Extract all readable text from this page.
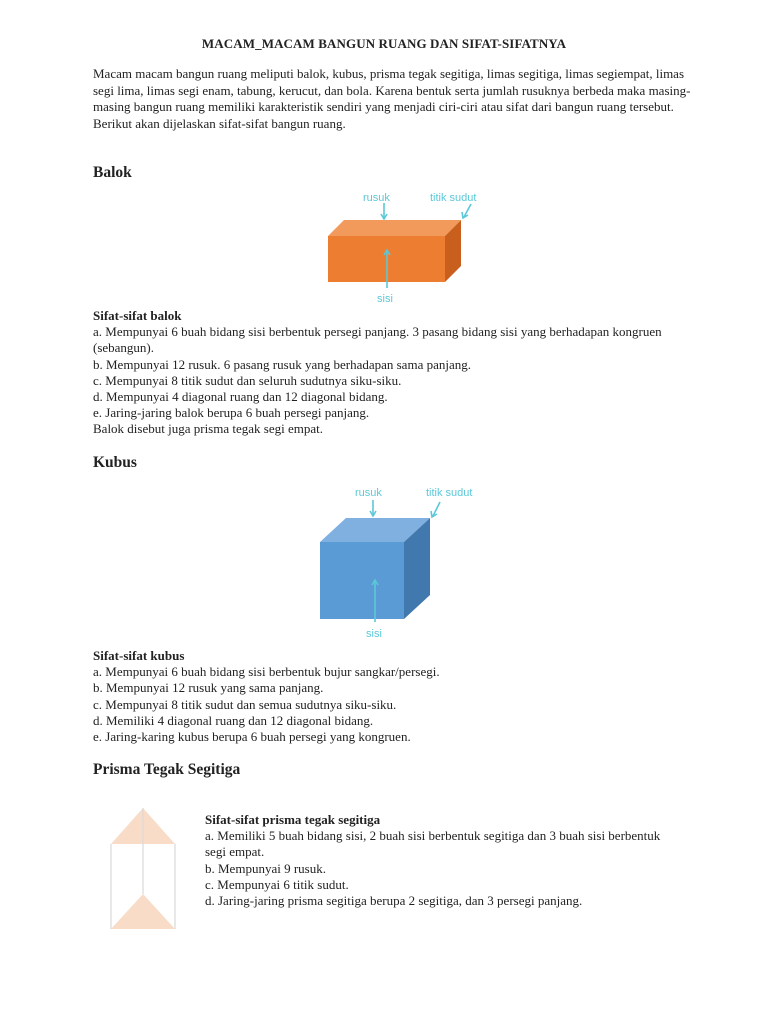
MACAM_MACAM BANGUN RUANG DAN SIFAT-SIFATNYA

Macam macam bangun ruang meliputi balok, kubus, prisma tegak segitiga, limas segitiga, limas segiempat, limas segi lima, limas segi enam, tabung, kerucut, dan bola. Karena bentuk serta jumlah rusuknya berbeda maka masing-masing bangun ruang memiliki karakteristik sendiri yang menjadi ciri-ciri atau sifat dari bangun ruang tersebut. Berikut akan dijelaskan sifat-sifat bangun ruang.

Balok
rusuk	titik sudut
sisi
Sifat-sifat balok
a. Mempunyai 6 buah bidang sisi berbentuk persegi panjang. 3 pasang bidang sisi yang berhadapan kongruen (sebangun).
b. Mempunyai 12 rusuk. 6 pasang rusuk yang berhadapan sama panjang.
c. Mempunyai 8 titik sudut dan seluruh sudutnya siku-siku.
d. Mempunyai 4 diagonal ruang dan 12 diagonal bidang.
e. Jaring-jaring balok berupa 6 buah persegi panjang.
Balok disebut juga prisma tegak segi empat.
Kubus
rusuk	titik sudut
sisi
Sifat-sifat kubus
a. Mempunyai 6 buah bidang sisi berbentuk bujur sangkar/persegi.
b. Mempunyai 12 rusuk yang sama panjang.
c. Mempunyai 8 titik sudut dan semua sudutnya siku-siku.
d. Memiliki 4 diagonal ruang dan 12 diagonal bidang.
e. Jaring-karing kubus berupa 6 buah persegi yang kongruen.
Prisma Tegak Segitiga
Sifat-sifat prisma tegak segitiga
a. Memiliki 5 buah bidang sisi, 2 buah sisi berbentuk segitiga dan 3 buah sisi berbentuk segi empat.
b. Mempunyai 9 rusuk.
c. Mempunyai 6 titik sudut.
d. Jaring-jaring prisma segitiga berupa 2 segitiga, dan 3 persegi panjang.
